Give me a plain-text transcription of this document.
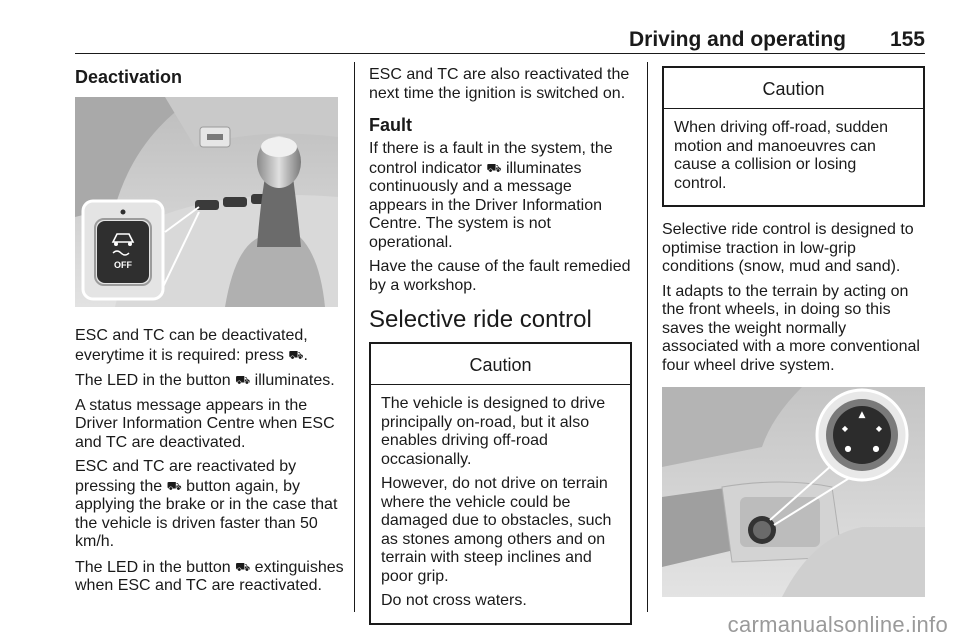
Driving and operating 155
Deactivation
OFF

ESC and TC can be deactivated, everytime it is required: press ⛟.

The LED in the button ⛟ illuminates.

A status message appears in the Driver Information Centre when ESC and TC are deactivated.

ESC and TC are reactivated by pressing the ⛟ button again, by applying the brake or in the case that the vehicle is driven faster than 50 km/h.

The LED in the button ⛟ extinguishes when ESC and TC are reactivated.

ESC and TC are also reactivated the next time the ignition is switched on.

Fault

If there is a fault in the system, the control indicator ⛟ illuminates continuously and a message appears in the Driver Information Centre. The system is not operational.

Have the cause of the fault remedied by a workshop.

Selective ride control
Caution

The vehicle is designed to drive principally on-road, but it also enables driving off-road occasionally.

However, do not drive on terrain where the vehicle could be damaged due to obstacles, such as stones among others and on terrain with steep inclines and poor grip.

Do not cross waters.

Caution

When driving off-road, sudden motion and manoeuvres can cause a collision or losing control.

Selective ride control is designed to optimise traction in low-grip conditions (snow, mud and sand).

It adapts to the terrain by acting on the front wheels, in doing so this saves the weight normally associated with a more conventional four wheel drive system.

▲
◆	◆
●	●
carmanualsonline.info
